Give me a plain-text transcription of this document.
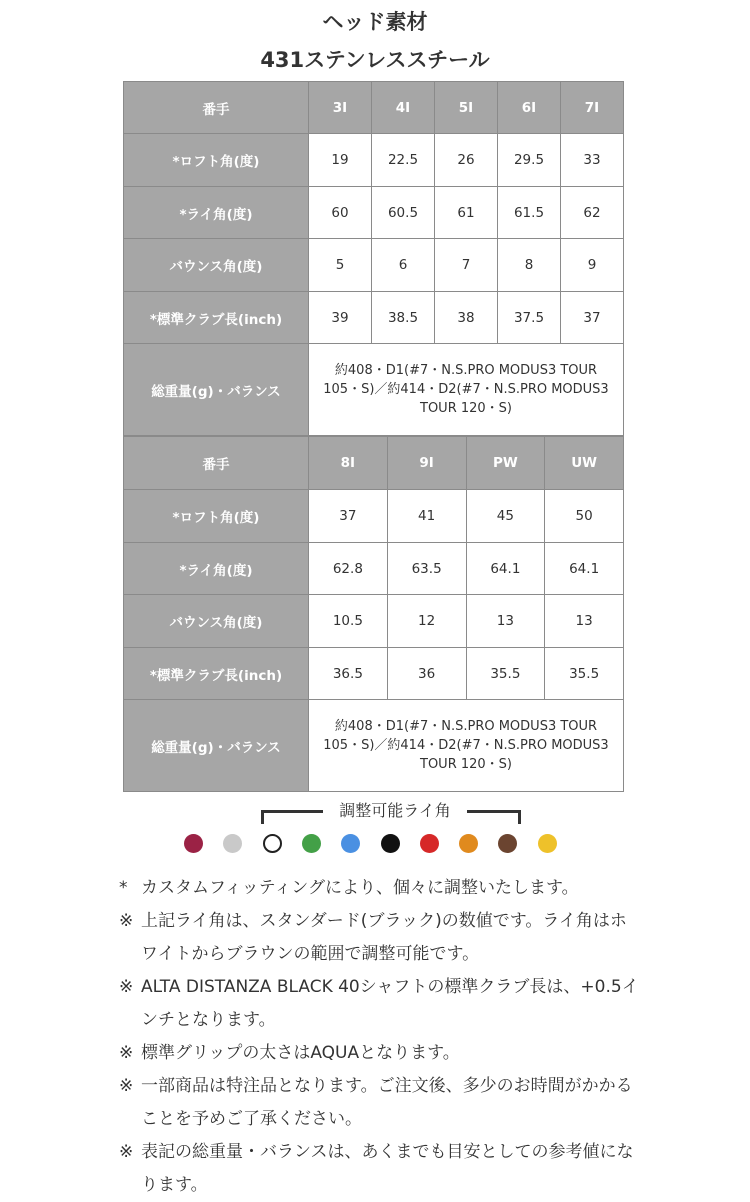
ヘッド素材
431ステンレススチール
番手	3I	4I	5I	6I	7I
*ロフト角(度)	19	22.5	26	29.5	33
*ライ角(度)	60	60.5	61	61.5	62
バウンス角(度)	5	6	7	8	9
*標準クラブ長(inch)	39	38.5	38	37.5	37
総重量(g)・バランス	約408・D1(#7・N.S.PRO MODUS3 TOUR 105・S)／約414・D2(#7・N.S.PRO MODUS3 TOUR 120・S)				
番手	8I	9I	PW	UW
*ロフト角(度)	37	41	45	50
*ライ角(度)	62.8	63.5	64.1	64.1
バウンス角(度)	10.5	12	13	13
*標準クラブ長(inch)	36.5	36	35.5	35.5
総重量(g)・バランス	約408・D1(#7・N.S.PRO MODUS3 TOUR 105・S)／約414・D2(#7・N.S.PRO MODUS3 TOUR 120・S)			
調整可能ライ角
* カスタムフィッティングにより、個々に調整いたします。
※ 上記ライ角は、スタンダード(ブラック)の数値です。ライ角はホワイトからブラウンの範囲で調整可能です。
※ ALTA DISTANZA BLACK 40シャフトの標準クラブ長は、+0.5インチとなります。
※ 標準グリップの太さはAQUAとなります。
※ 一部商品は特注品となります。ご注文後、多少のお時間がかかることを予めご了承ください。
※ 表記の総重量・バランスは、あくまでも目安としての参考値になります。
